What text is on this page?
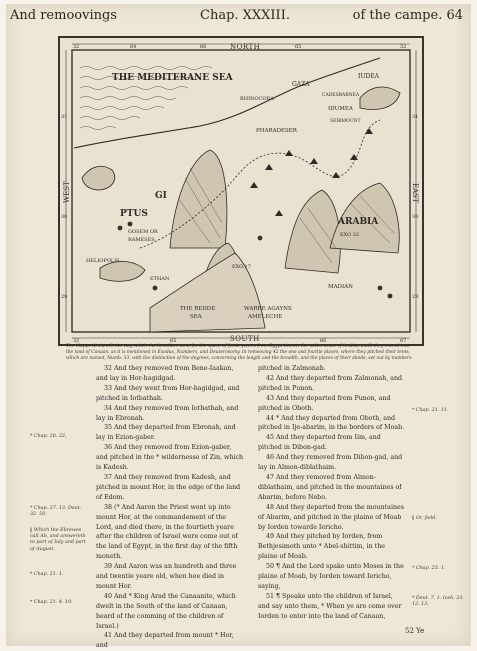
And remoovings	Chap. XXXIII.	of the campe. 64
NORTH
SOUTH
WEST	EAST
32	64	66	65	32
32	65	66	67
31
30
29
31
30
29
THE MEDITERANE SEA
GAZA
IUDEA
CADESBARNEA
RHINOCORA
IDUMEA
SEIRMOUNT
PHARADESER
GI
PTUS
GOSEM OR
RAMESES
HELIOPOLIS
ETHAN
ARABIA
EXO 32
EXO.17
MADIAN
THE REDDE
SEA
WARRE AGAYNS
AMELECHE
The Mappe declareth the way which the Israelites went for the space of fortie yeares from Egypt thorow the wildernesse of Arabia, untill they entred into the land of Canaan, as it is mentioned in Exodus, Numbers, and Deuteronomy. In remooving 42 the one and fourtie places, where they pitched their tents, which are named, Numb. 33. with the distinction of the degrees, concerning the length and the breadth, and the places of their abode, set out by numbers.
32 And they removed from Bene-Iaakan, and lay in Hor-hagidgad.
33 And they went from Hor-hagidgad, and pitched in Iotbathah.
34 And they removed from Iotbathah, and lay in Ebronah.
35 And they departed from Ebronah, and lay in Ezion-gaber.
36 And they removed from Ezion-gaber, and pitched in the * wildernesse of Zin, which is Kadesh.
37 And they removed from Kadesh, and pitched in mount Hor, in the edge of the land of Edom.
38 (* And Aaron the Priest went up into mount Hor, at the commandement of the Lord, and died there, in the fourtieth yeare after the children of Israel were come out of the land of Egypt, in the first day of the fifth moneth.
39 And Aaron was an hundreth and three and twentie yeare old, when hee died in mount Hor.
40 And * King Arad the Canaanite, which dwelt in the South of the land of Canaan, heard of the comming of the children of Israel.)
41 And they departed from mount * Hor, and
pitched in Zalmonah.
42 And they departed from Zalmonah, and pitched in Punon.
43 And they departed from Punon, and pitched in Oboth.
44 * And they departed from Oboth, and pitched in Ije-abarim, in the borders of Moab.
45 And they departed from Iim, and pitched in Dibon-gad.
46 And they removed from Dibon-gad, and lay in Almon-diblathaim.
47 And they removed from Almon-diblathaim, and pitched in the mountaines of Abarim, before Nebo.
48 And they departed from the mountaines of Abarim, and pitched in the plaine of Moab by Iorden towarde Iericho.
49 And they pitched by Iorden, from Bethjesimoth unto * Abel-shittim, in the plaine of Moab.
50 ¶ And the Lord spake unto Moses in the plaine of Moab, by Iorden toward Iericho, saying,
51 ¶ Speake unto the children of Israel, and say unto them, * When ye are come over Iorden to enter into the land of Canaan,
* Chap. 20. 22,
* Chap. 27. 13. Deut. 32. 50.
‖ Which the Ebrewes call Ab, and answereth to part of Iuly and part of August.
* Chap. 21. 1.
* Chap. 21. 4. 10.
* Chap. 21. 11.
‖ Or, field.
* Chap. 25. 1.
* Deut. 7. 1. Iosh. 23. 12. 13.
52 Ye
